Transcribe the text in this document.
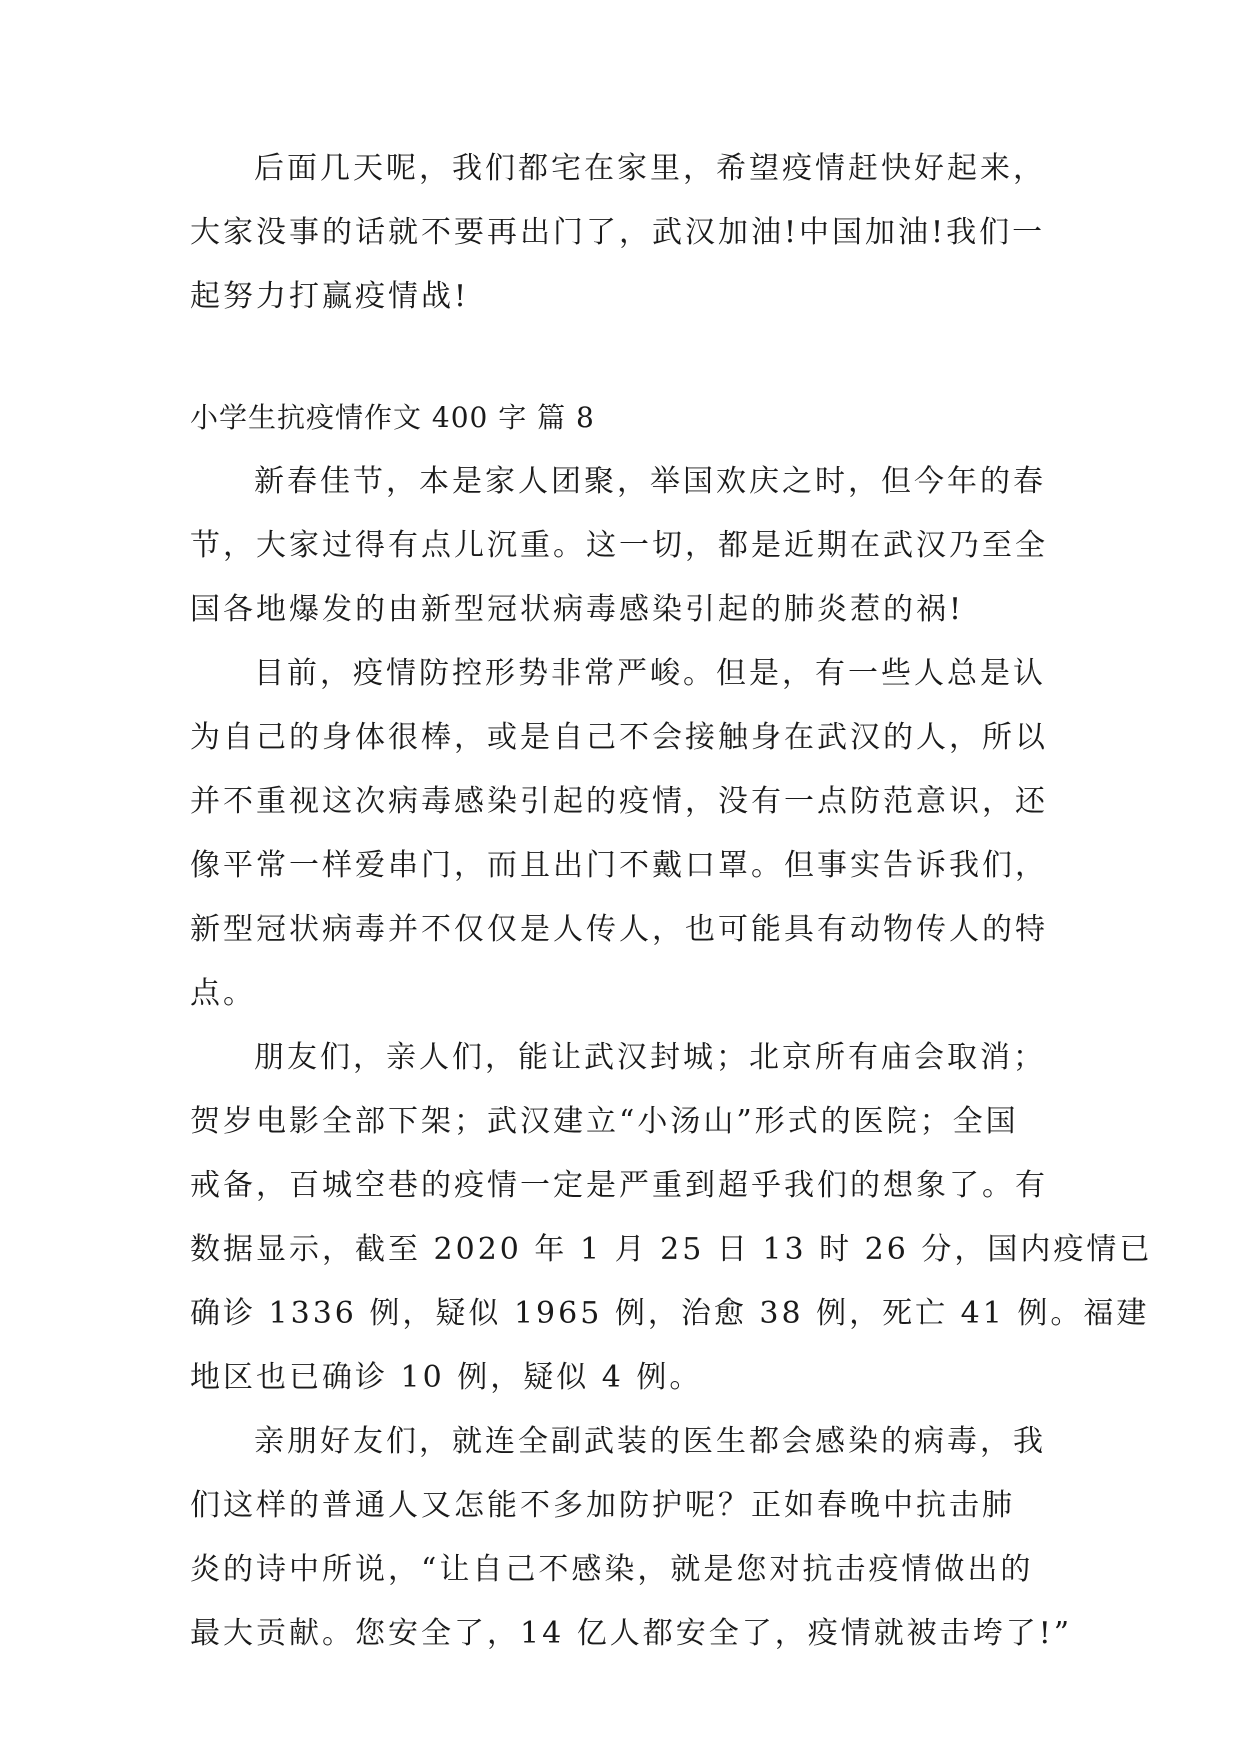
后面几天呢，我们都宅在家里，希望疫情赶快好起来，
大家没事的话就不要再出门了，武汉加油!中国加油!我们一
起努力打赢疫情战!
小学生抗疫情作文 400 字 篇 8
新春佳节，本是家人团聚，举国欢庆之时，但今年的春
节，大家过得有点儿沉重。这一切，都是近期在武汉乃至全
国各地爆发的由新型冠状病毒感染引起的肺炎惹的祸!
目前，疫情防控形势非常严峻。但是，有一些人总是认
为自己的身体很棒，或是自己不会接触身在武汉的人，所以
并不重视这次病毒感染引起的疫情，没有一点防范意识，还
像平常一样爱串门，而且出门不戴口罩。但事实告诉我们，
新型冠状病毒并不仅仅是人传人，也可能具有动物传人的特
点。
朋友们，亲人们，能让武汉封城；北京所有庙会取消；
贺岁电影全部下架；武汉建立“小汤山”形式的医院；全国
戒备，百城空巷的疫情一定是严重到超乎我们的想象了。有
数据显示，截至 2020 年 1 月 25 日 13 时 26 分，国内疫情已
确诊 1336 例，疑似 1965 例，治愈 38 例，死亡 41 例。福建
地区也已确诊 10 例，疑似 4 例。
亲朋好友们，就连全副武装的医生都会感染的病毒，我
们这样的普通人又怎能不多加防护呢？正如春晚中抗击肺
炎的诗中所说，“让自己不感染，就是您对抗击疫情做出的
最大贡献。您安全了，14 亿人都安全了，疫情就被击垮了!”
